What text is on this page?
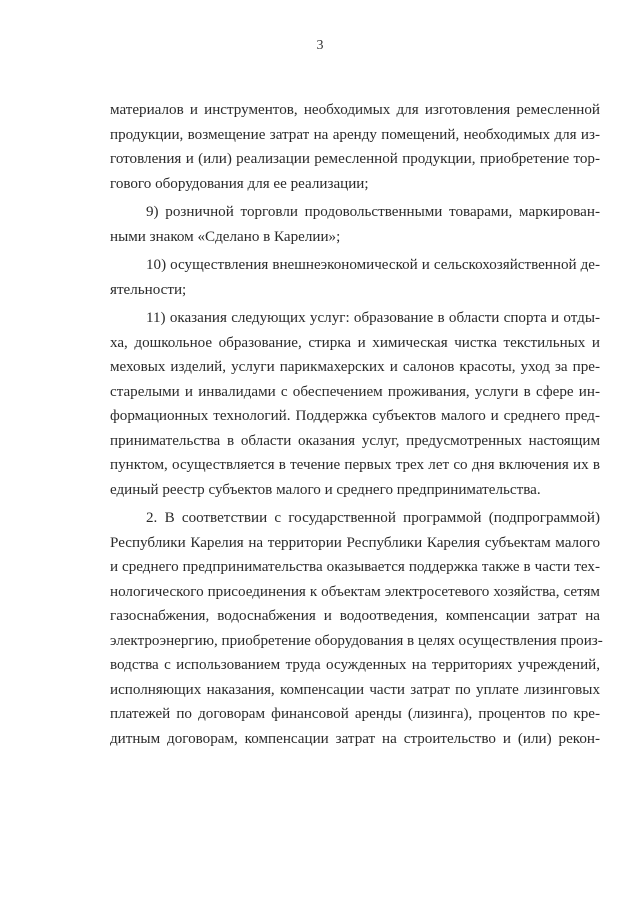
3
материалов и инструментов, необходимых для изготовления ремесленной
продукции, возмещение затрат на аренду помещений, необходимых для из-
готовления и (или) реализации ремесленной продукции, приобретение тор-
гового оборудования для ее реализации;
9) розничной торговли продовольственными товарами, маркирован-
ными знаком «Сделано в Карелии»;
10) осуществления внешнеэкономической и сельскохозяйственной де-
ятельности;
11) оказания следующих услуг: образование в области спорта и отды-
ха, дошкольное образование, стирка и химическая чистка текстильных и
меховых изделий, услуги парикмахерских и салонов красоты, уход за пре-
старелыми и инвалидами с обеспечением проживания, услуги в сфере ин-
формационных технологий. Поддержка субъектов малого и среднего пред-
принимательства в области оказания услуг, предусмотренных настоящим
пунктом, осуществляется в течение первых трех лет со дня включения их в
единый реестр субъектов малого и среднего предпринимательства.
2. В соответствии с государственной программой (подпрограммой)
Республики Карелия на территории Республики Карелия субъектам малого
и среднего предпринимательства оказывается поддержка также в части тех-
нологического присоединения к объектам электросетевого хозяйства, сетям
газоснабжения, водоснабжения и водоотведения, компенсации затрат на
электроэнергию, приобретение оборудования в целях осуществления произ-
водства с использованием труда осужденных на территориях учреждений,
исполняющих наказания, компенсации части затрат по уплате лизинговых
платежей по договорам финансовой аренды (лизинга), процентов по кре-
дитным договорам, компенсации затрат на строительство и (или) рекон-
